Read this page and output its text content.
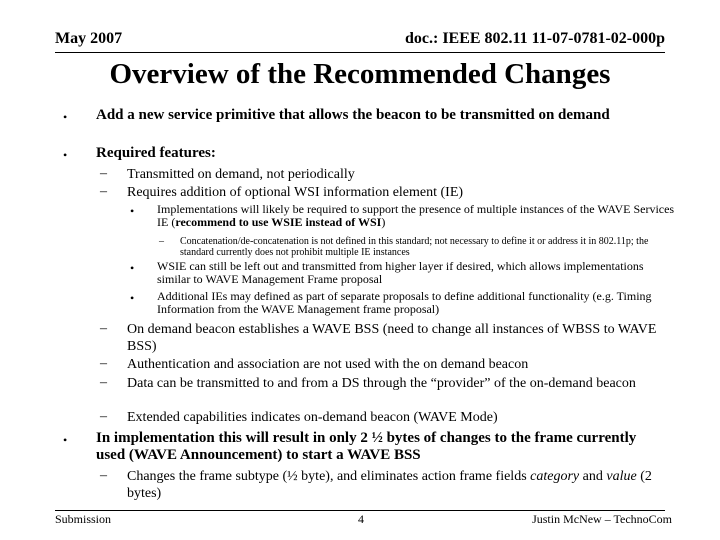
May 2007	doc.: IEEE 802.11 11-07-0781-02-000p
Overview of the Recommended Changes
• Add a new service primitive that allows the beacon to be transmitted on demand
• Required features:
– Transmitted on demand, not periodically
– Requires addition of optional WSI information element (IE)
• Implementations will likely be required to support the presence of multiple instances of the WAVE Services IE (recommend to use WSIE instead of WSI)
– Concatenation/de-concatenation is not defined in this standard; not necessary to define it or address it in 802.11p; the standard currently does not prohibit multiple IE instances
• WSIE can still be left out and transmitted from higher layer if desired, which allows implementations similar to WAVE Management Frame proposal
• Additional IEs may defined as part of separate proposals to define additional functionality (e.g. Timing Information from the WAVE Management frame proposal)
– On demand beacon establishes a WAVE BSS (need to change all instances of WBSS to WAVE BSS)
– Authentication and association are not used with the on demand beacon
– Data can be transmitted to and from a DS through the “provider” of the on-demand beacon
– Extended capabilities indicates on-demand beacon (WAVE Mode)
• In implementation this will result in only 2 ½ bytes of changes to the frame currently used (WAVE Announcement) to start a WAVE BSS
– Changes the frame subtype (½ byte), and eliminates action frame fields category and value (2 bytes)
Submission	4	Justin McNew – TechnoCom
